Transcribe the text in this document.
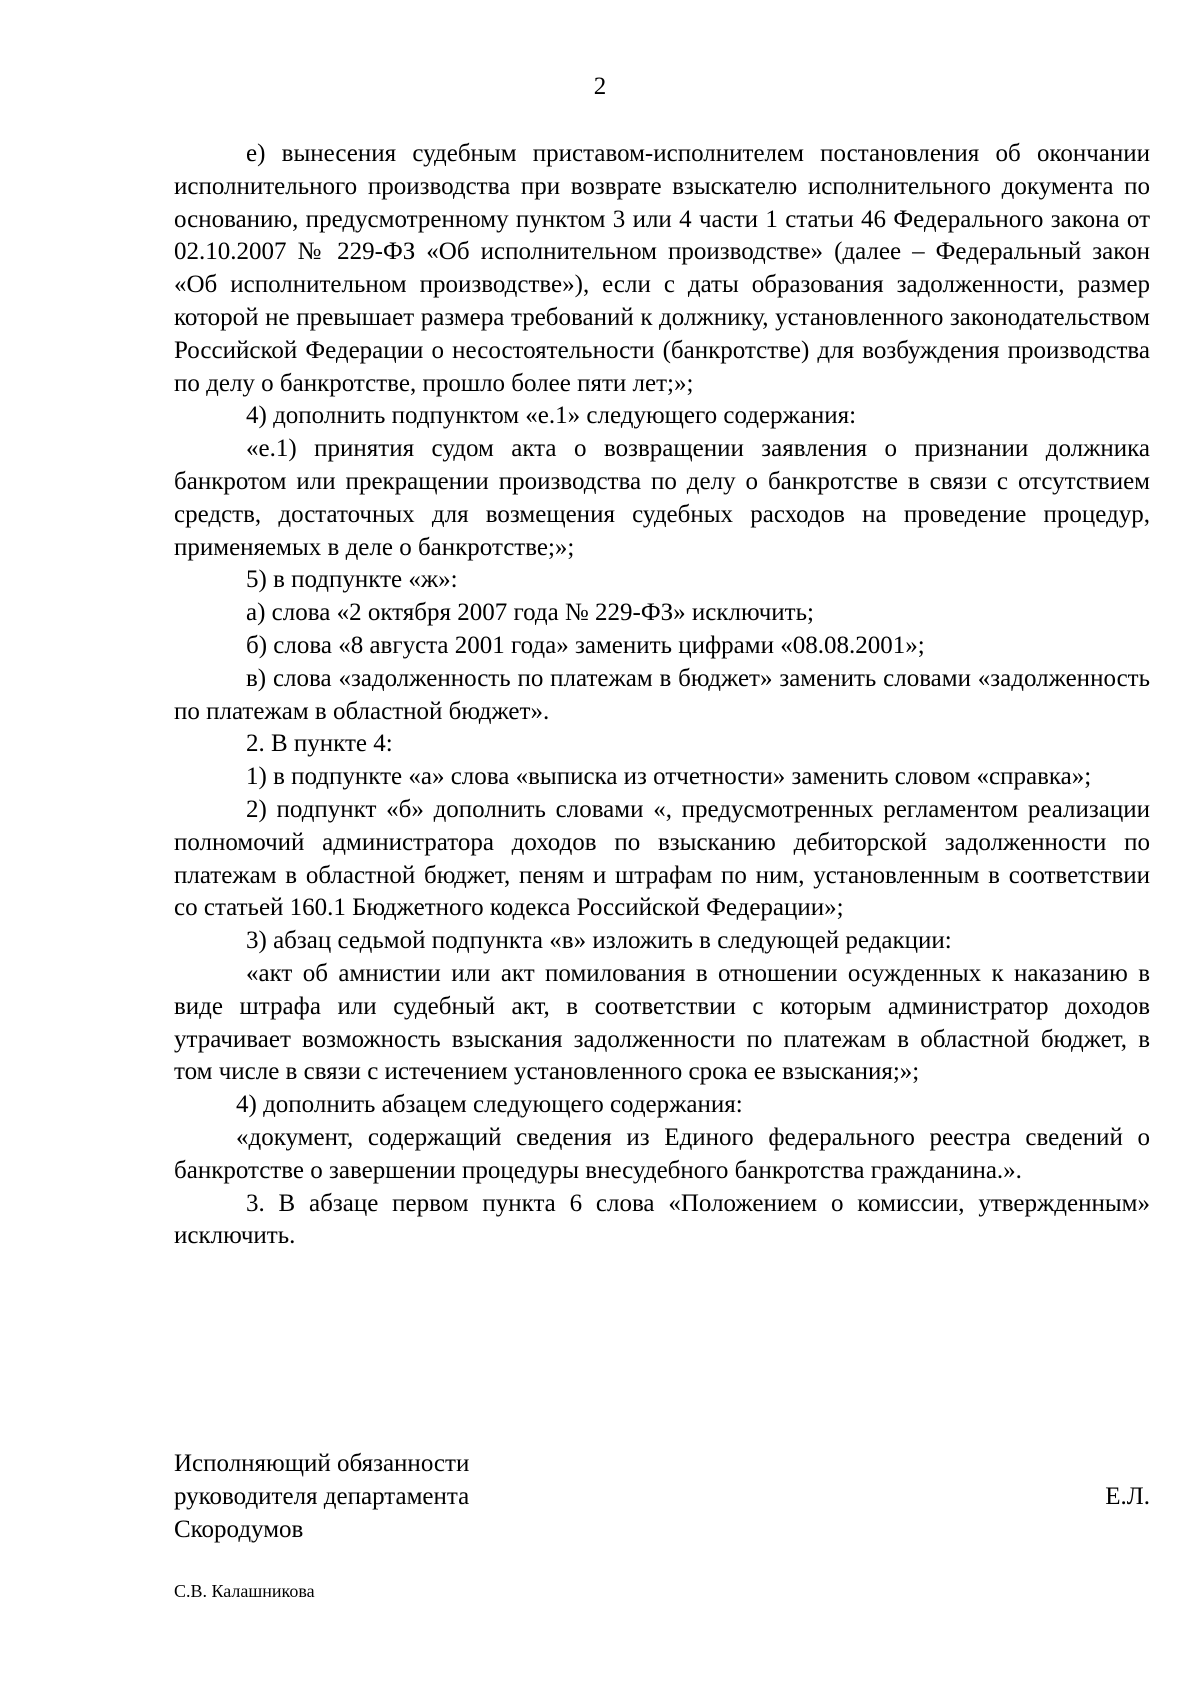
2

е) вынесения судебным приставом-исполнителем постановления об окончании исполнительного производства при возврате взыскателю исполнительного документа по основанию, предусмотренному пунктом 3 или 4 части 1 статьи 46 Федерального закона от 02.10.2007 № 229-ФЗ «Об исполнительном производстве» (далее – Федеральный закон «Об исполнительном производстве»), если с даты образования задолженности, размер которой не превышает размера требований к должнику, установленного законодательством Российской Федерации о несостоятельности (банкротстве) для возбуждения производства по делу о банкротстве, прошло более пяти лет;»;

4) дополнить подпунктом «е.1» следующего содержания:

«е.1) принятия судом акта о возвращении заявления о признании должника банкротом или прекращении производства по делу о банкротстве в связи с отсутствием средств, достаточных для возмещения судебных расходов на проведение процедур, применяемых в деле о банкротстве;»;

5) в подпункте «ж»:

а) слова «2 октября 2007 года № 229-ФЗ» исключить;

б) слова «8 августа 2001 года» заменить цифрами «08.08.2001»;

в) слова «задолженность по платежам в бюджет» заменить словами «задолженность по платежам в областной бюджет».

2. В пункте 4:

1) в подпункте «а» слова «выписка из отчетности» заменить словом «справка»;

2) подпункт «б» дополнить словами «, предусмотренных регламентом реализации полномочий администратора доходов по взысканию дебиторской задолженности по платежам в областной бюджет, пеням и штрафам по ним, установленным в соответствии со статьей 160.1 Бюджетного кодекса Российской Федерации»;

3) абзац седьмой подпункта «в» изложить в следующей редакции:

«акт об амнистии или акт помилования в отношении осужденных к наказанию в виде штрафа или судебный акт, в соответствии с которым администратор доходов утрачивает возможность взыскания задолженности по платежам в областной бюджет, в том числе в связи с истечением установленного срока ее взыскания;»;

4) дополнить абзацем следующего содержания:

«документ, содержащий сведения из Единого федерального реестра сведений о банкротстве о завершении процедуры внесудебного банкротства гражданина.».

3. В абзаце первом пункта 6 слова «Положением о комиссии, утвержденным» исключить.

Исполняющий обязанности
руководителя департамента	Е.Л.
Скородумов
С.В. Калашникова
